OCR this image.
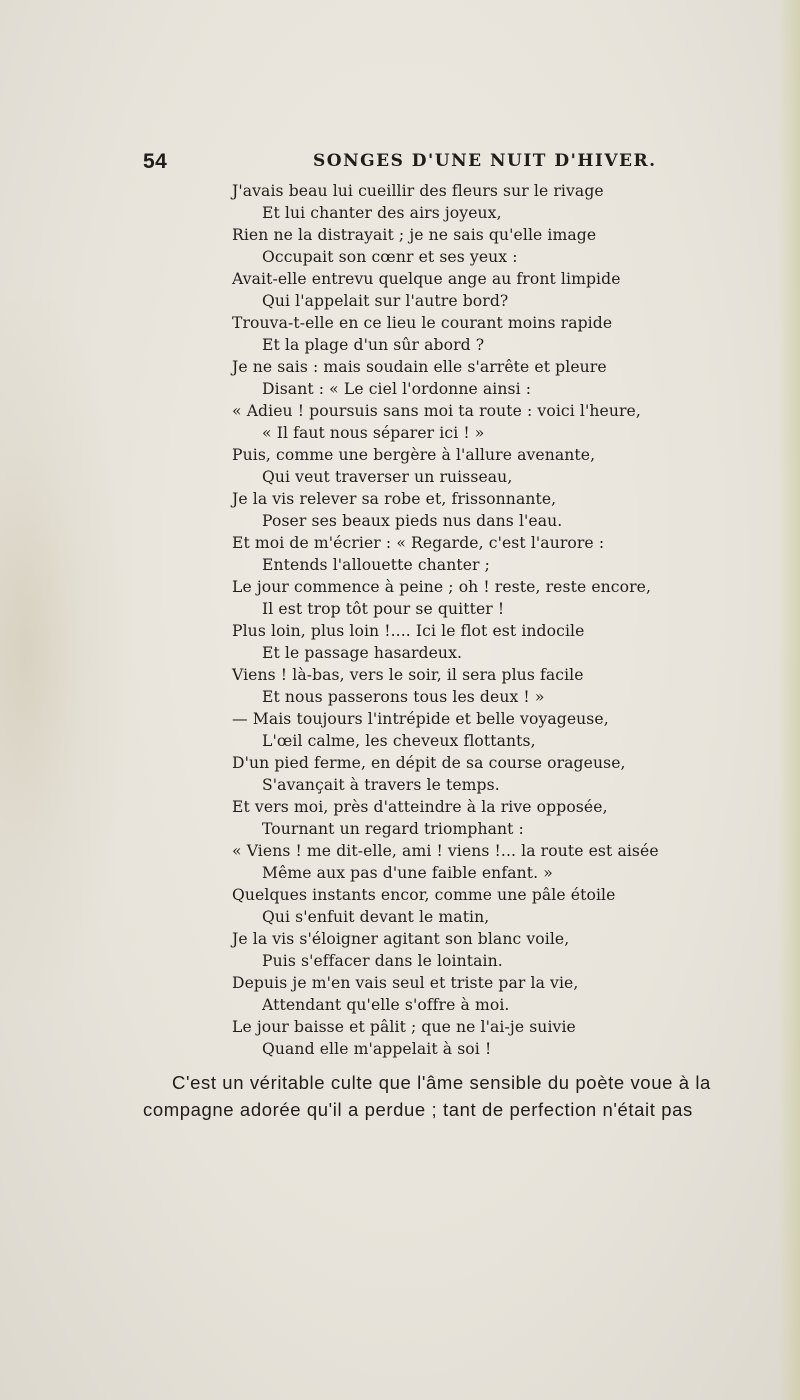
54	SONGES D'UNE NUIT D'HIVER.
J'avais beau lui cueillir des fleurs sur le rivage
Et lui chanter des airs joyeux,
Rien ne la distrayait ; je ne sais qu'elle image
Occupait son cœnr et ses yeux :
Avait-elle entrevu quelque ange au front limpide
Qui l'appelait sur l'autre bord?
Trouva-t-elle en ce lieu le courant moins rapide
Et la plage d'un sûr abord ?
Je ne sais : mais soudain elle s'arrête et pleure
Disant : « Le ciel l'ordonne ainsi :
« Adieu ! poursuis sans moi ta route : voici l'heure,
« Il faut nous séparer ici ! »
Puis, comme une bergère à l'allure avenante,
Qui veut traverser un ruisseau,
Je la vis relever sa robe et, frissonnante,
Poser ses beaux pieds nus dans l'eau.
Et moi de m'écrier : « Regarde, c'est l'aurore :
Entends l'allouette chanter ;
Le jour commence à peine ; oh ! reste, reste encore,
Il est trop tôt pour se quitter !
Plus loin, plus loin !.... Ici le flot est indocile
Et le passage hasardeux.
Viens ! là-bas, vers le soir, il sera plus facile
Et nous passerons tous les deux ! »
— Mais toujours l'intrépide et belle voyageuse,
L'œil calme, les cheveux flottants,
D'un pied ferme, en dépit de sa course orageuse,
S'avançait à travers le temps.
Et vers moi, près d'atteindre à la rive opposée,
Tournant un regard triomphant :
« Viens ! me dit-elle, ami ! viens !... la route est aisée
Même aux pas d'une faible enfant. »
Quelques instants encor, comme une pâle étoile
Qui s'enfuit devant le matin,
Je la vis s'éloigner agitant son blanc voile,
Puis s'effacer dans le lointain.
Depuis je m'en vais seul et triste par la vie,
Attendant qu'elle s'offre à moi.
Le jour baisse et pâlit ; que ne l'ai-je suivie
Quand elle m'appelait à soi !
C'est un véritable culte que l'âme sensible du poète voue à la
compagne adorée qu'il a perdue ; tant de perfection n'était pas
